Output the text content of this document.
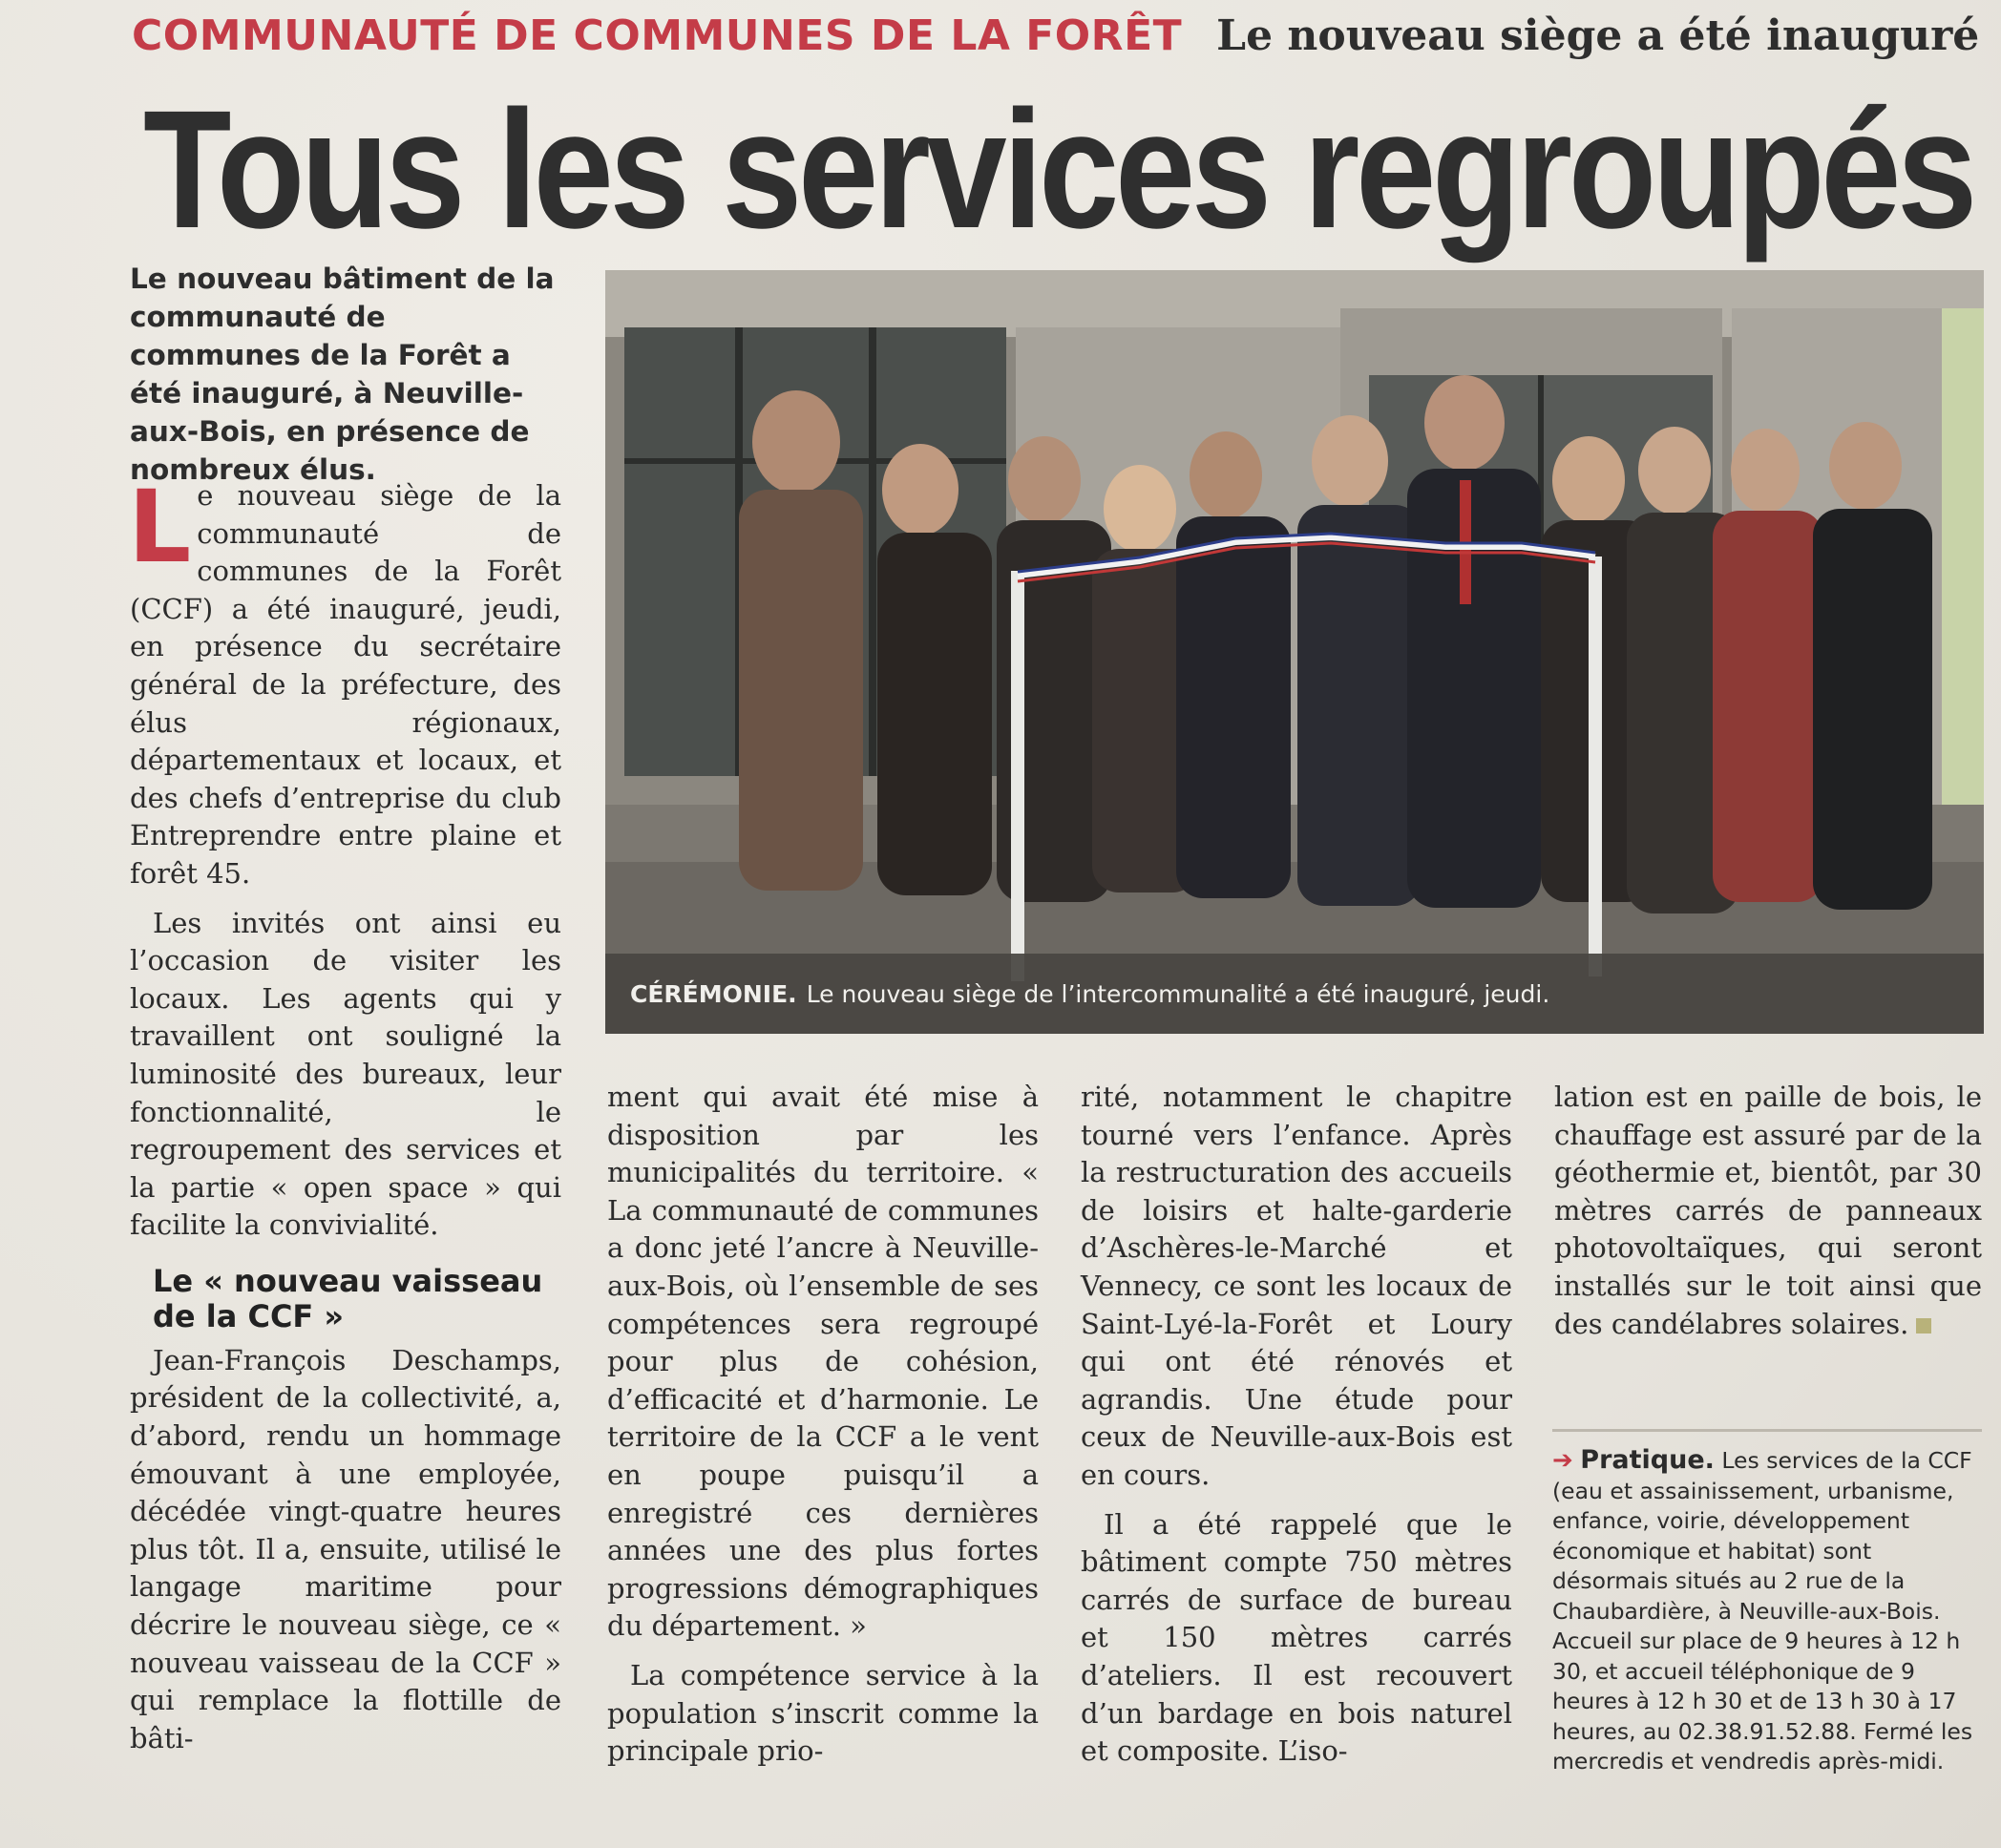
COMMUNAUTÉ DE COMMUNES DE LA FORÊT Le nouveau siège a été inauguré
Tous les services regroupés
Le nouveau bâtiment de la communauté de communes de la Forêt a été inauguré, à Neuville-aux-Bois, en présence de nombreux élus.
CÉRÉMONIE. Le nouveau siège de l’intercommunalité a été inauguré, jeudi.

Le nouveau siège de la communauté de communes de la Forêt (CCF) a été inauguré, jeudi, en présence du secrétaire général de la préfecture, des élus régionaux, départementaux et locaux, et des chefs d’entreprise du club Entreprendre entre plaine et forêt 45.

Les invités ont ainsi eu l’occasion de visiter les locaux. Les agents qui y travaillent ont souligné la luminosité des bureaux, leur fonctionnalité, le regroupement des services et la partie « open space » qui facilite la convivialité.

Le « nouveau vaisseau de la CCF »

Jean-François Deschamps, président de la collectivité, a, d’abord, rendu un hommage émouvant à une employée, décédée vingt-quatre heures plus tôt. Il a, ensuite, utilisé le langage maritime pour décrire le nouveau siège, ce « nouveau vaisseau de la CCF » qui remplace la flottille de bâti-

ment qui avait été mise à disposition par les municipalités du territoire. « La communauté de communes a donc jeté l’ancre à Neuville-aux-Bois, où l’ensemble de ses compétences sera regroupé pour plus de cohésion, d’efficacité et d’harmonie. Le territoire de la CCF a le vent en poupe puisqu’il a enregistré ces dernières années une des plus fortes progressions démographiques du département. »

La compétence service à la population s’inscrit comme la principale prio-

rité, notamment le chapitre tourné vers l’enfance. Après la restructuration des accueils de loisirs et halte-garderie d’Aschères-le-Marché et Vennecy, ce sont les locaux de Saint-Lyé-la-Forêt et Loury qui ont été rénovés et agrandis. Une étude pour ceux de Neuville-aux-Bois est en cours.

Il a été rappelé que le bâtiment compte 750 mètres carrés de surface de bureau et 150 mètres carrés d’ateliers. Il est recouvert d’un bardage en bois naturel et composite. L’iso-

lation est en paille de bois, le chauffage est assuré par de la géothermie et, bientôt, par 30 mètres carrés de panneaux photovoltaïques, qui seront installés sur le toit ainsi que des candélabres solaires.

➔ Pratique. Les services de la CCF (eau et assainissement, urbanisme, enfance, voirie, développement économique et habitat) sont désormais situés au 2 rue de la Chaubardière, à Neuville-aux-Bois. Accueil sur place de 9 heures à 12 h 30, et accueil téléphonique de 9 heures à 12 h 30 et de 13 h 30 à 17 heures, au 02.38.91.52.88. Fermé les mercredis et vendredis après-midi.
